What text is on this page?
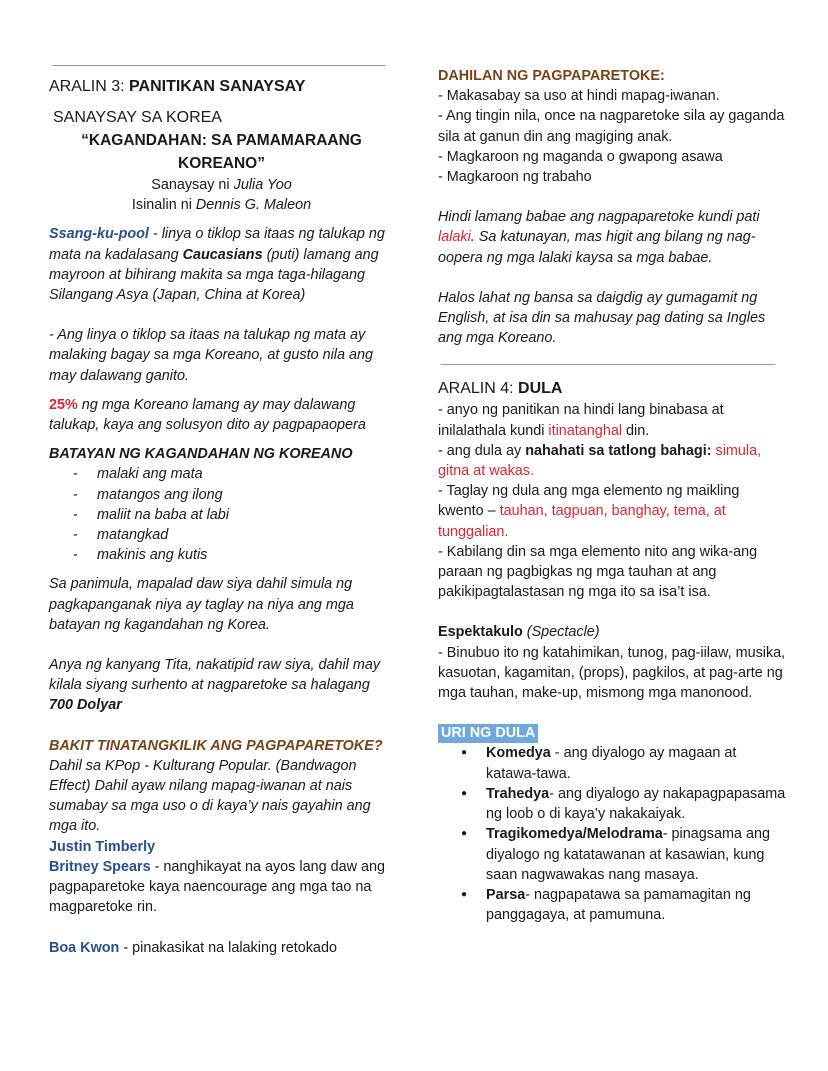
ARALIN 3: PANITIKAN SANAYSAY

SANAYSAY SA KOREA

“KAGANDAHAN: SA PAMAMARAANG
KOREANO”
Sanaysay ni Julia Yoo
Isinalin ni Dennis G. Maleon

Ssang-ku-pool - linya o tiklop sa itaas ng talukap ng mata na kadalasang Caucasians (puti) lamang ang mayroon at bihirang makita sa mga taga-hilagang Silangang Asya (Japan, China at Korea)

- Ang linya o tiklop sa itaas na talukap ng mata ay malaking bagay sa mga Koreano, at gusto nila ang may dalawang ganito.

25% ng mga Koreano lamang ay may dalawang talukap, kaya ang solusyon dito ay pagpapaopera

BATAYAN NG KAGANDAHAN NG KOREANO

- malaki ang mata
- matangos ang ilong
- maliit na baba at labi
- matangkad
- makinis ang kutis

Sa panimula, mapalad daw siya dahil simula ng pagkapanganak niya ay taglay na niya ang mga batayan ng kagandahan ng Korea.

Anya ng kanyang Tita, nakatipid raw siya, dahil may kilala siyang surhento at nagparetoke sa halagang 700 Dolyar

BAKIT TINATANGKILIK ANG PAGPAPARETOKE?

Dahil sa KPop - Kulturang Popular. (Bandwagon Effect) Dahil ayaw nilang mapag-iwanan at nais sumabay sa mga uso o di kaya’y nais gayahin ang mga ito.

Justin Timberly

Britney Spears - nanghikayat na ayos lang daw ang pagpaparetoke kaya naencourage ang mga tao na magparetoke rin.

Boa Kwon - pinakasikat na lalaking retokado

DAHILAN NG PAGPAPARETOKE:

- Makasabay sa uso at hindi mapag-iwanan.

- Ang tingin nila, once na nagparetoke sila ay gaganda sila at ganun din ang magiging anak.

- Magkaroon ng maganda o gwapong asawa

- Magkaroon ng trabaho

Hindi lamang babae ang nagpaparetoke kundi pati lalaki. Sa katunayan, mas higit ang bilang ng nag-oopera ng mga lalaki kaysa sa mga babae.

Halos lahat ng bansa sa daigdig ay gumagamit ng English, at isa din sa mahusay pag dating sa Ingles ang mga Koreano.

ARALIN 4: DULA

- anyo ng panitikan na hindi lang binabasa at inilalathala kundi itinatanghal din.

- ang dula ay nahahati sa tatlong bahagi: simula, gitna at wakas.

- Taglay ng dula ang mga elemento ng maikling kwento – tauhan, tagpuan, banghay, tema, at tunggalian.

- Kabilang din sa mga elemento nito ang wika-ang paraan ng pagbigkas ng mga tauhan at ang pakikipagtalastasan ng mga ito sa isa’t isa.

Espektakulo (Spectacle)

- Binubuo ito ng katahimikan, tunog, pag-iilaw, musika, kasuotan, kagamitan, (props), pagkilos, at pag-arte ng mga tauhan, make-up, mismong mga manonood.

URI NG DULA

● Komedya - ang diyalogo ay magaan at katawa-tawa.
● Trahedya- ang diyalogo ay nakapagpapasama ng loob o di kaya’y nakakaiyak.
● Tragikomedya/Melodrama- pinagsama ang diyalogo ng katatawanan at kasawian, kung saan nagwawakas nang masaya.
● Parsa- nagpapatawa sa pamamagitan ng panggagaya, at pamumuna.
